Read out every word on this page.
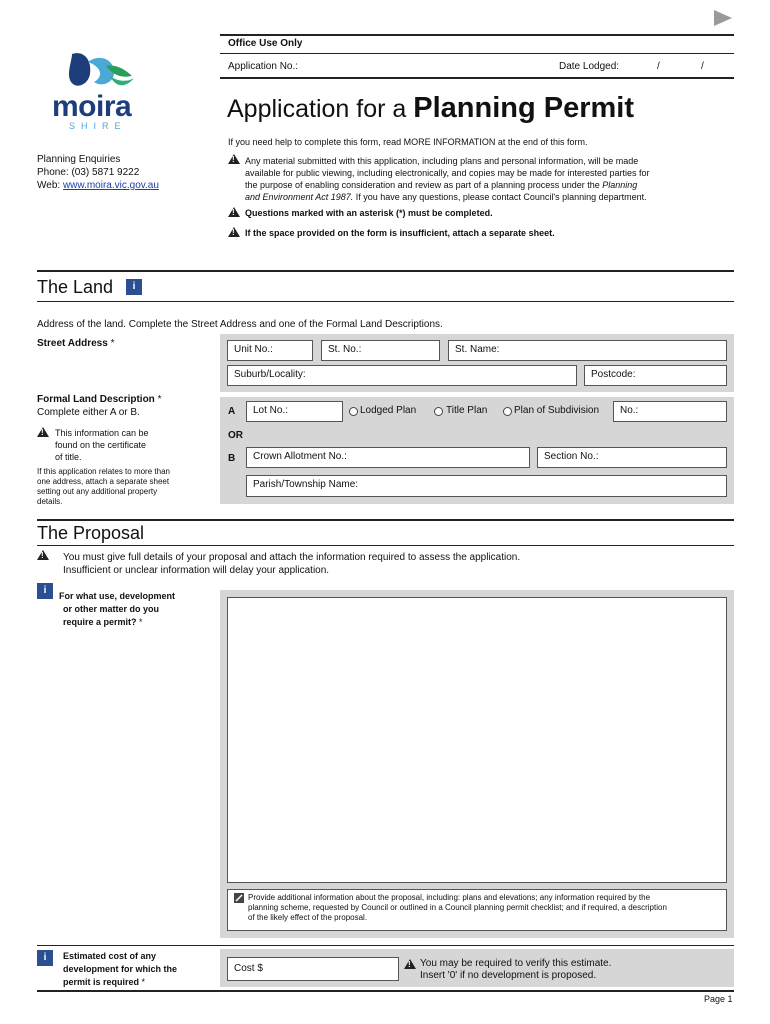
Office Use Only
Application No.:	Date Lodged:	/	/
moira
SHIRE
Application for a Planning Permit
If you need help to complete this form, read MORE INFORMATION at the end of this form.
Planning Enquiries
Phone: (03) 5871 9222
Web: www.moira.vic.gov.au
!
Any material submitted with this application, including plans and personal information, will be made
available for public viewing, including electronically, and copies may be made for interested parties for
the purpose of enabling consideration and review as part of a planning process under the Planning
and Environment Act 1987. If you have any questions, please contact Council's planning department.
!
Questions marked with an asterisk (*) must be completed.
!
If the space provided on the form is insufficient, attach a separate sheet.
The Land	i
Address of the land. Complete the Street Address and one of the Formal Land Descriptions.
Street Address *
Unit No.:	St. No.:	St. Name:
Suburb/Locality:	Postcode:
Formal Land Description *
Complete either A or B.
!
This information can be
found on the certificate
of title.
If this application relates to more than
one address, attach a separate sheet
setting out any additional property
details.
A	Lot No.:	Lodged Plan	Title Plan	Plan of Subdivision	No.:
OR
B	Crown Allotment No.:	Section No.:
Parish/Township Name:
The Proposal
!
You must give full details of your proposal and attach the information required to assess the application.
Insufficient or unclear information will delay your application.
i	For what use, development
or other matter do you
require a permit? *
Provide additional information about the proposal, including: plans and elevations; any information required by the
planning scheme, requested by Council or outlined in a Council planning permit checklist; and if required, a description
of the likely effect of the proposal.
i	Estimated cost of any
development for which the
permit is required *
Cost $
!	You may be required to verify this estimate.
Insert '0' if no development is proposed.
Page 1
